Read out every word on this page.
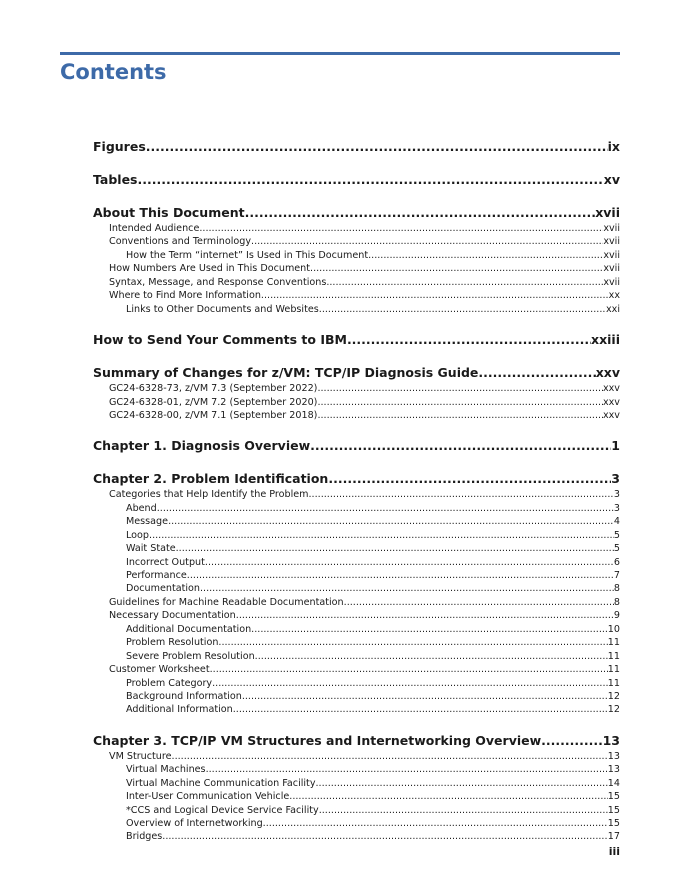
Contents
Figures .....	ix
Tables .....	xv
About This Document .....	xvii
Intended Audience .....	xvii
Conventions and Terminology .....	xvii
How the Term “internet” Is Used in This Document .....	xvii
How Numbers Are Used in This Document .....	xvii
Syntax, Message, and Response Conventions .....	xvii
Where to Find More Information .....	xx
Links to Other Documents and Websites .....	xxi
How to Send Your Comments to IBM .....	xxiii
Summary of Changes for z/VM: TCP/IP Diagnosis Guide .....	xxv
GC24-6328-73, z/VM 7.3 (September 2022) .....	xxv
GC24-6328-01, z/VM 7.2 (September 2020) .....	xxv
GC24-6328-00, z/VM 7.1 (September 2018) .....	xxv
Chapter 1. Diagnosis Overview .....	1
Chapter 2. Problem Identification .....	3
Categories that Help Identify the Problem .....	3
Abend .....	3
Message .....	4
Loop .....	5
Wait State .....	5
Incorrect Output .....	6
Performance .....	7
Documentation .....	8
Guidelines for Machine Readable Documentation .....	8
Necessary Documentation .....	9
Additional Documentation .....	10
Problem Resolution .....	11
Severe Problem Resolution .....	11
Customer Worksheet .....	11
Problem Category .....	11
Background Information .....	12
Additional Information .....	12
Chapter 3. TCP/IP VM Structures and Internetworking Overview .....	13
VM Structure .....	13
Virtual Machines .....	13
Virtual Machine Communication Facility .....	14
Inter-User Communication Vehicle .....	15
*CCS and Logical Device Service Facility .....	15
Overview of Internetworking .....	15
Bridges .....	17
iii
